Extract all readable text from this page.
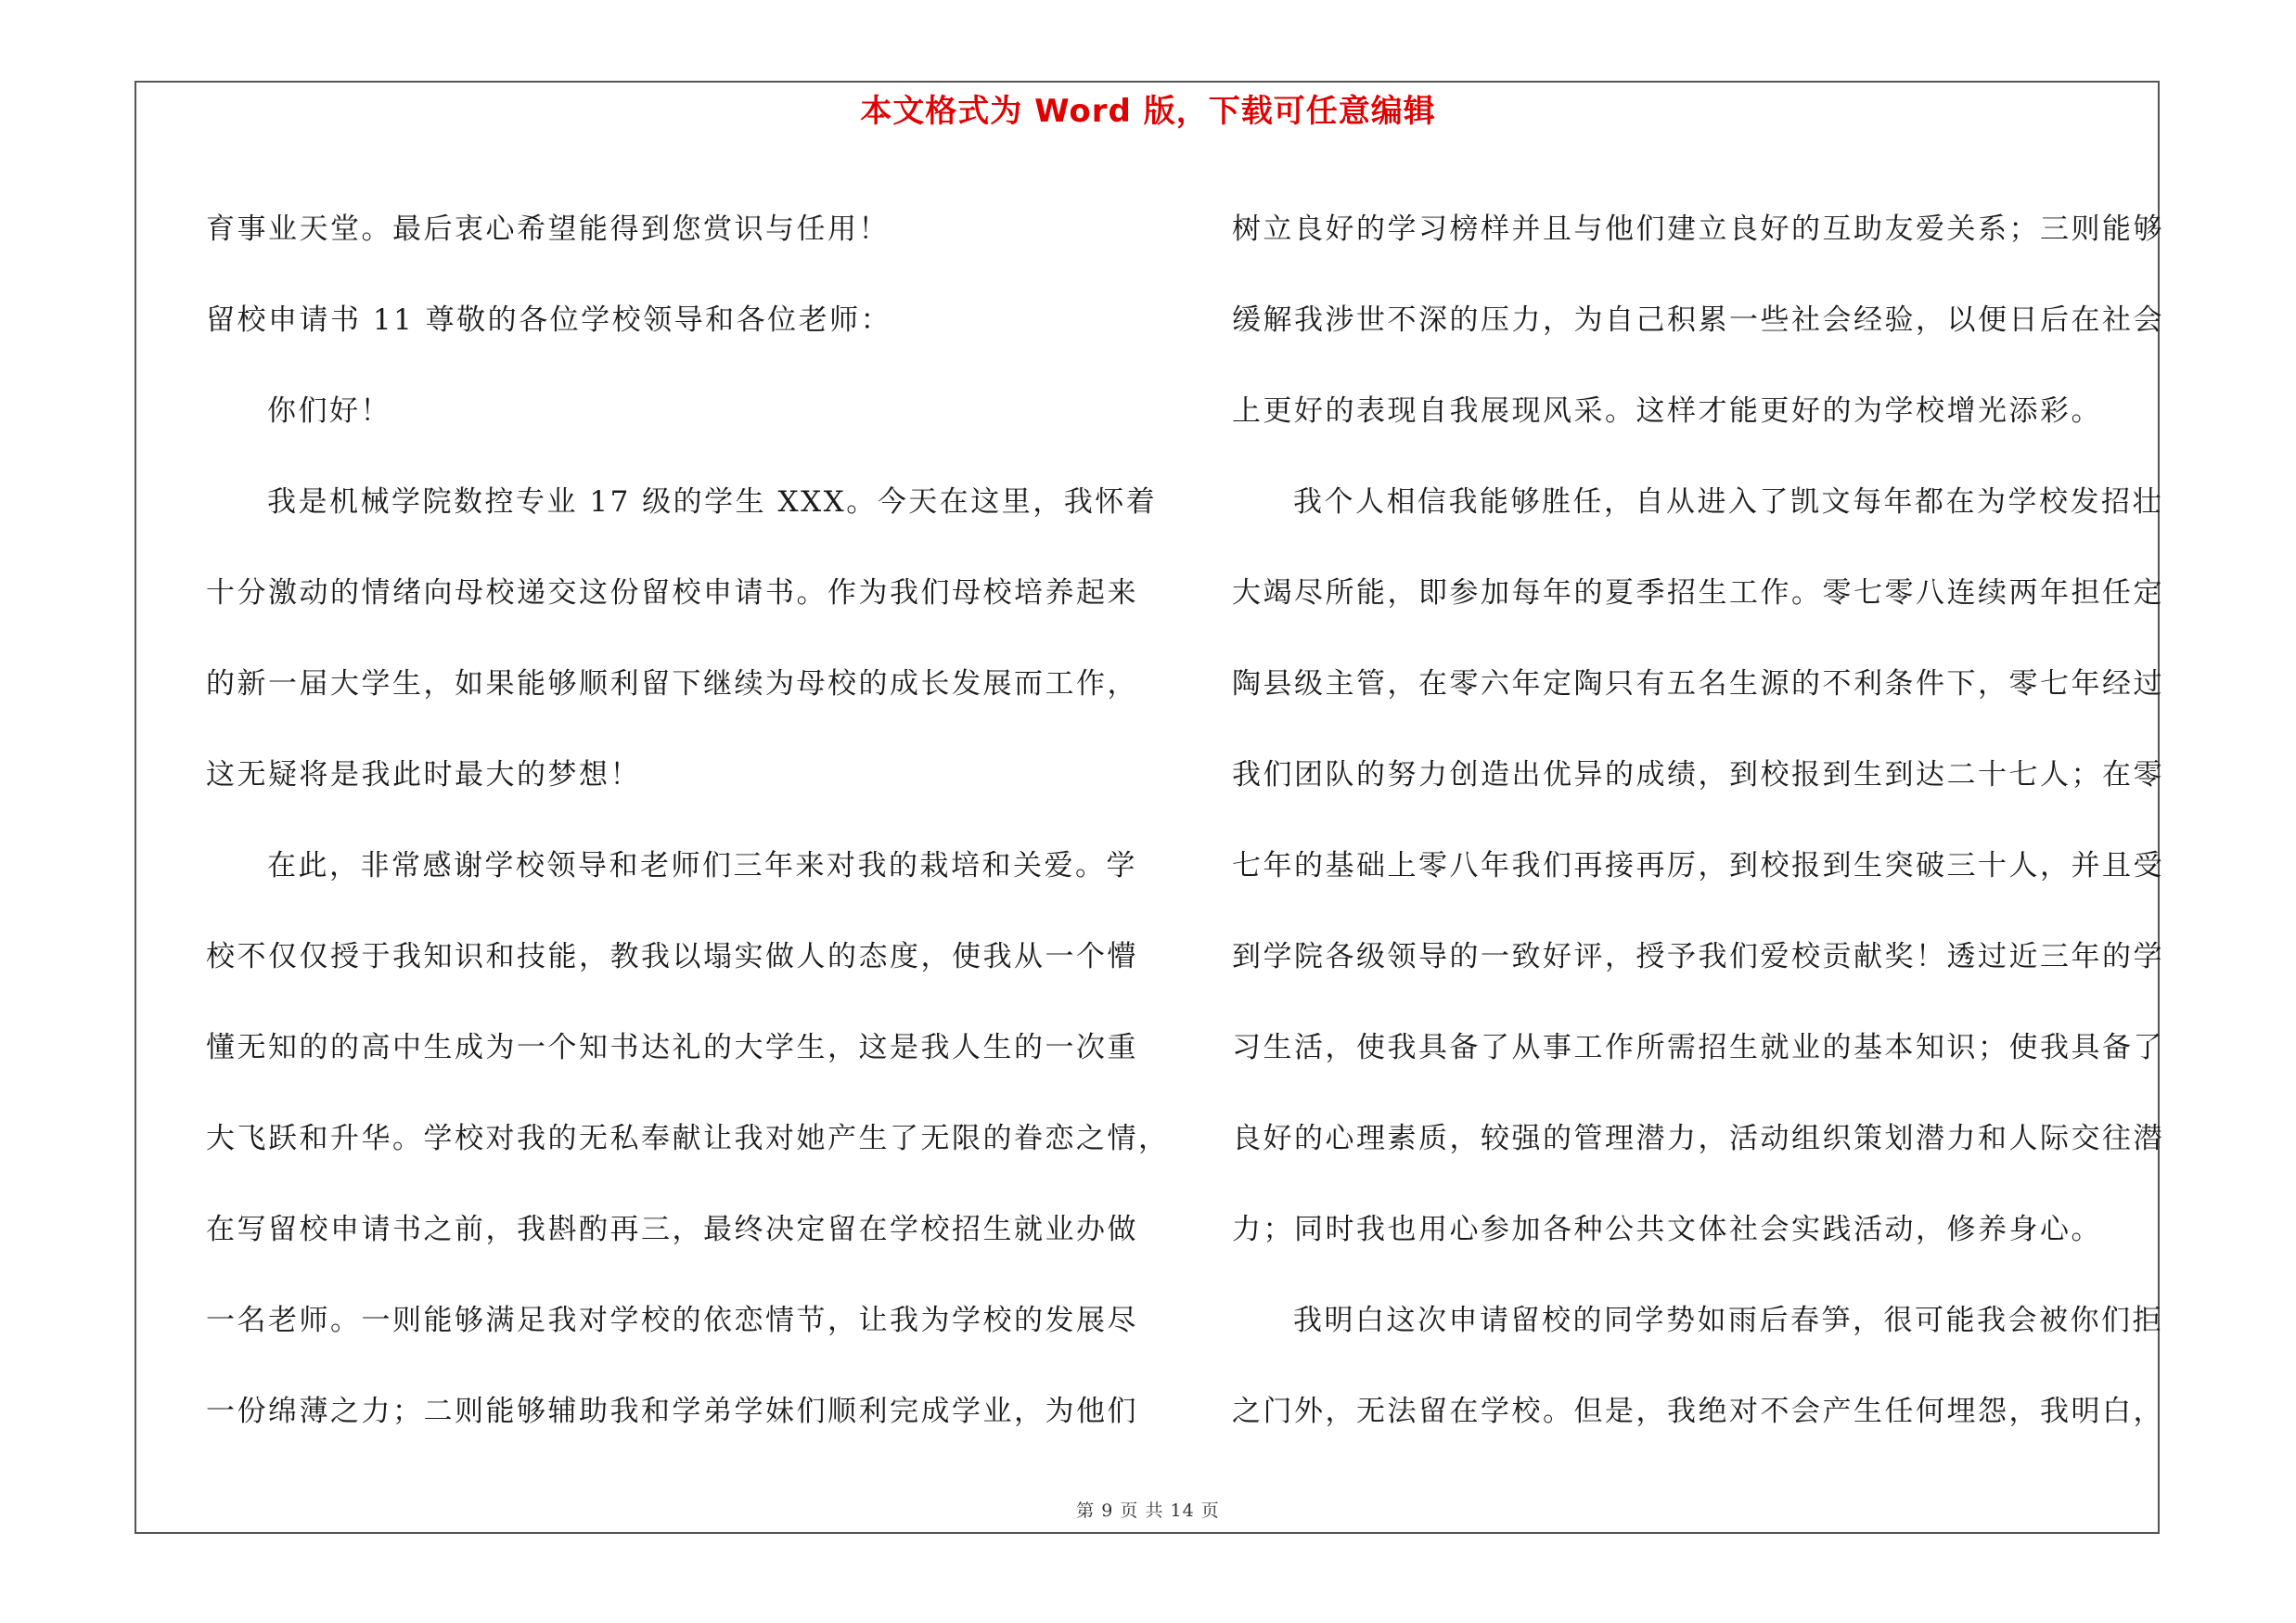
本文格式为 Word 版，下载可任意编辑
育事业天堂。最后衷心希望能得到您赏识与任用！
留校申请书 11 尊敬的各位学校领导和各位老师：
你们好！
我是机械学院数控专业 17 级的学生 XXX。今天在这里，我怀着
十分激动的情绪向母校递交这份留校申请书。作为我们母校培养起来
的新一届大学生，如果能够顺利留下继续为母校的成长发展而工作，
这无疑将是我此时最大的梦想！
在此，非常感谢学校领导和老师们三年来对我的栽培和关爱。学
校不仅仅授于我知识和技能，教我以塌实做人的态度，使我从一个懵
懂无知的的高中生成为一个知书达礼的大学生，这是我人生的一次重
大飞跃和升华。学校对我的无私奉献让我对她产生了无限的眷恋之情，
在写留校申请书之前，我斟酌再三，最终决定留在学校招生就业办做
一名老师。一则能够满足我对学校的依恋情节，让我为学校的发展尽
一份绵薄之力；二则能够辅助我和学弟学妹们顺利完成学业，为他们
树立良好的学习榜样并且与他们建立良好的互助友爱关系；三则能够
缓解我涉世不深的压力，为自己积累一些社会经验，以便日后在社会
上更好的表现自我展现风采。这样才能更好的为学校增光添彩。
我个人相信我能够胜任，自从进入了凯文每年都在为学校发招壮
大竭尽所能，即参加每年的夏季招生工作。零七零八连续两年担任定
陶县级主管，在零六年定陶只有五名生源的不利条件下，零七年经过
我们团队的努力创造出优异的成绩，到校报到生到达二十七人；在零
七年的基础上零八年我们再接再厉，到校报到生突破三十人，并且受
到学院各级领导的一致好评，授予我们爱校贡献奖！透过近三年的学
习生活，使我具备了从事工作所需招生就业的基本知识；使我具备了
良好的心理素质，较强的管理潜力，活动组织策划潜力和人际交往潜
力；同时我也用心参加各种公共文体社会实践活动，修养身心。
我明白这次申请留校的同学势如雨后春笋，很可能我会被你们拒
之门外，无法留在学校。但是，我绝对不会产生任何埋怨，我明白，
第 9 页 共 14 页
